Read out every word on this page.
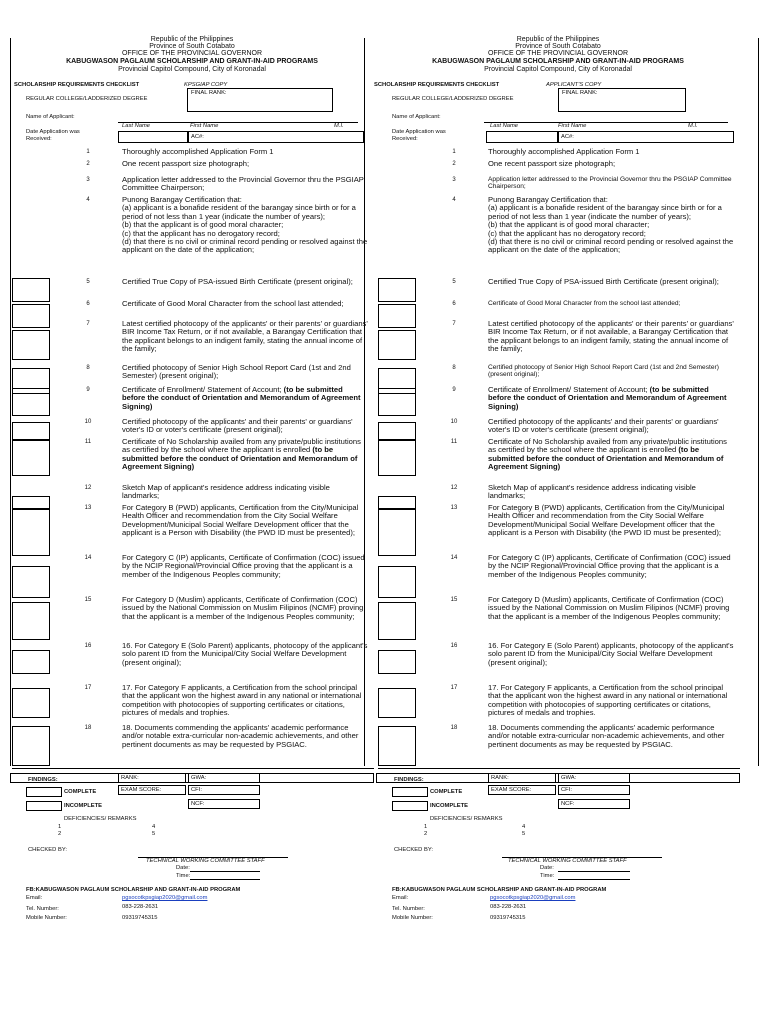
Republic of the Philippines
Province of South Cotabato
OFFICE OF THE PROVINCIAL GOVERNOR
KABUGWASON PAGLAUM SCHOLARSHIP AND GRANT-IN-AID PROGRAMS
Provincial Capitol Compound, City of Koronadal
SCHOLARSHIP REQUIREMENTS CHECKLIST	KPSGIAP COPY
FINAL RANK:
REGULAR COLLEGE/LADDERIZED DEGREE
Name of Applicant:
Last Name	First Name	M.I.
Date Application was
Received:	AC#:
1	Thoroughly accomplished Application Form 1
2	One recent passport size photograph;
3	Application letter addressed to the Provincial Governor thru the PSGIAP Committee Chairperson;
4	Punong Barangay Certification that:
(a) applicant is a bonafide resident of the barangay since birth or for a period of not less than 1 year (indicate the number of years);
(b) that the applicant is of good moral character;
(c) that the applicant has no derogatory record;
(d) that there is no civil or criminal record pending or resolved against the applicant on the date of the application;
5	Certified True Copy of PSA-issued Birth Certificate (present original);
6	Certificate of Good Moral Character from the school last attended;
7	Latest certified photocopy of the applicants' or their parents' or guardians' BIR Income Tax Return, or if not available, a Barangay Certification that the applicant belongs to an indigent family, stating the annual income of the family;
8	Certified photocopy of Senior High School Report Card (1st and 2nd Semester) (present original);
9	Certificate of Enrollment/ Statement of Account; (to be submitted before the conduct of Orientation and Memorandum of Agreement Signing)
10	Certified photocopy of the applicants' and their parents' or guardians' voter's ID or voter's certificate (present original);
11	Certificate of No Scholarship availed from any private/public institutions as certified by the school where the applicant is enrolled (to be submitted before the conduct of Orientation and Memorandum of Agreement Signing)
12	Sketch Map of applicant's residence address indicating visible landmarks;
13	For Category B (PWD) applicants, Certification from the City/Municipal Health Officer and recommendation from the City Social Welfare Development/Municipal Social Welfare Development officer that the applicant is a Person with Disability (the PWD ID must be presented);
14	For Category C (IP) applicants, Certificate of Confirmation (COC) issued by the NCIP Regional/Provincial Office proving that the applicant is a member of the Indigenous Peoples community;
15	For Category D (Muslim) applicants, Certificate of Confirmation (COC) issued by the National Commission on Muslim Filipinos (NCMF) proving that the applicant is a member of the Indigenous Peoples community;
16	16. For Category E (Solo Parent) applicants, photocopy of the applicant's solo parent ID from the Municipal/City Social Welfare Development (present original);
17	17. For Category F applicants, a Certification from the school principal that the applicant won the highest award in any national or international competition with photocopies of supporting certificates or citations, pictures of medals and trophies.
18	18. Documents commending the applicants' academic performance and/or notable extra-curricular non-academic achievements, and other pertinent documents as may be requested by PSGIAC.
FINDINGS:	RANK:	GWA:
COMPLETE	EXAM SCORE:	CFI:
INCOMPLETE	NCF:
DEFICIENCIES/ REMARKS
1	4
2	5
CHECKED BY:
TECHNICAL WORKING COMMITTEE STAFF
Date:
Time:
FB:KABUGWASON PAGLAUM SCHOLARSHIP AND GRANT-IN-AID PROGRAM
Email:	pgsocotkpsgiap2020@gmail.com
Tel. Number:	083-228-2631
Mobile Number:	09319745315
Republic of the Philippines
Province of South Cotabato
OFFICE OF THE PROVINCIAL GOVERNOR
KABUGWASON PAGLAUM SCHOLARSHIP AND GRANT-IN-AID PROGRAMS
Provincial Capitol Compound, City of Koronadal
SCHOLARSHIP REQUIREMENTS CHECKLIST	APPLICANT'S COPY
FINAL RANK:
REGULAR COLLEGE/LADDERIZED DEGREE
Name of Applicant:
Last Name	First Name	M.I.
Date Application was
Received:	AC#:
1	Thoroughly accomplished Application Form 1
2	One recent passport size photograph;
3	Application letter addressed to the Provincial Governor thru the PSGIAP Committee Chairperson;
4	Punong Barangay Certification that:
(a) applicant is a bonafide resident of the barangay since birth or for a period of not less than 1 year (indicate the number of years);
(b) that the applicant is of good moral character;
(c) that the applicant has no derogatory record;
(d) that there is no civil or criminal record pending or resolved against the applicant on the date of the application;
5	Certified True Copy of PSA-issued Birth Certificate (present original);
6	Certificate of Good Moral Character from the school last attended;
7	Latest certified photocopy of the applicants' or their parents' or guardians' BIR Income Tax Return, or if not available, a Barangay Certification that the applicant belongs to an indigent family, stating the annual income of the family;
8	Certified photocopy of Senior High School Report Card (1st and 2nd Semester) (present original);
9	Certificate of Enrollment/ Statement of Account; (to be submitted before the conduct of Orientation and Memorandum of Agreement Signing)
10	Certified photocopy of the applicants' and their parents' or guardians' voter's ID or voter's certificate (present original);
11	Certificate of No Scholarship availed from any private/public institutions as certified by the school where the applicant is enrolled (to be submitted before the conduct of Orientation and Memorandum of Agreement Signing)
12	Sketch Map of applicant's residence address indicating visible landmarks;
13	For Category B (PWD) applicants, Certification from the City/Municipal Health Officer and recommendation from the City Social Welfare Development/Municipal Social Welfare Development officer that the applicant is a Person with Disability (the PWD ID must be presented);
14	For Category C (IP) applicants, Certificate of Confirmation (COC) issued by the NCIP Regional/Provincial Office proving that the applicant is a member of the Indigenous Peoples community;
15	For Category D (Muslim) applicants, Certificate of Confirmation (COC) issued by the National Commission on Muslim Filipinos (NCMF) proving that the applicant is a member of the Indigenous Peoples community;
16	16. For Category E (Solo Parent) applicants, photocopy of the applicant's solo parent ID from the Municipal/City Social Welfare Development (present original);
17	17. For Category F applicants, a Certification from the school principal that the applicant won the highest award in any national or international competition with photocopies of supporting certificates or citations, pictures of medals and trophies.
18	18. Documents commending the applicants' academic performance and/or notable extra-curricular non-academic achievements, and other pertinent documents as may be requested by PSGIAC.
FINDINGS:	RANK:	GWA:
COMPLETE	EXAM SCORE:	CFI:
INCOMPLETE	NCF:
DEFICIENCIES/ REMARKS
1	4
2	5
CHECKED BY:
TECHNICAL WORKING COMMITTEE STAFF
Date:
Time:
FB:KABUGWASON PAGLAUM SCHOLARSHIP AND GRANT-IN-AID PROGRAM
Email:	pgsocotkpsgiap2020@gmail.com
Tel. Number:	083-228-2631
Mobile Number:	09319745315
